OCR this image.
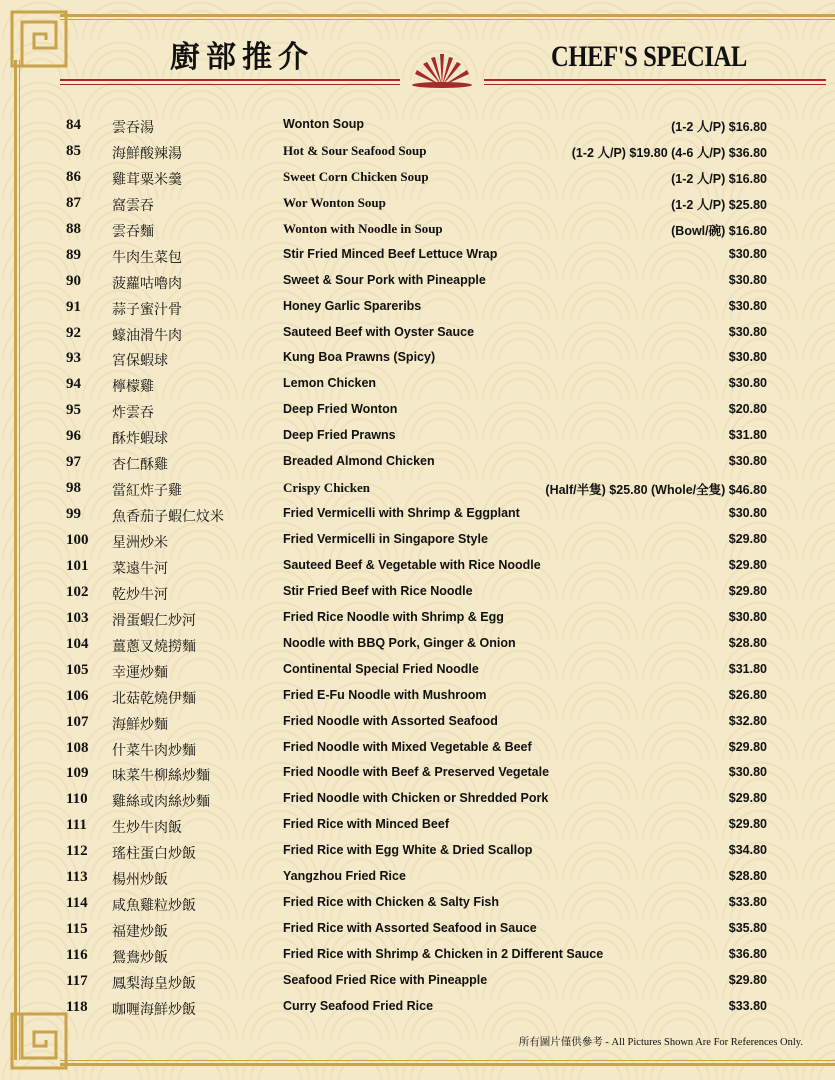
廚部推介	CHEF'S SPECIAL
84 雲吞湯	Wonton Soup	(1-2 人/P) $16.80
85 海鮮酸辣湯	Hot & Sour Seafood Soup	(1-2 人/P) $19.80 (4-6 人/P) $36.80
86 雞茸粟米羹	Sweet Corn Chicken Soup	(1-2 人/P) $16.80
87 窩雲吞	Wor Wonton Soup	(1-2 人/P) $25.80
88 雲吞麵	Wonton with Noodle in Soup	(Bowl/碗) $16.80
89 牛肉生菜包	Stir Fried Minced Beef Lettuce Wrap	$30.80
90 菠蘿咕嚕肉	Sweet & Sour Pork with Pineapple	$30.80
91 蒜子蜜汁骨	Honey Garlic Spareribs	$30.80
92 蠔油滑牛肉	Sauteed Beef with Oyster Sauce	$30.80
93 宮保蝦球	Kung Boa Prawns (Spicy)	$30.80
94 檸檬雞	Lemon Chicken	$30.80
95 炸雲吞	Deep Fried Wonton	$20.80
96 酥炸蝦球	Deep Fried Prawns	$31.80
97 杏仁酥雞	Breaded Almond Chicken	$30.80
98 當紅炸子雞	Crispy Chicken	(Half/半隻) $25.80 (Whole/全隻) $46.80
99 魚香茄子蝦仁炆米	Fried Vermicelli with Shrimp & Eggplant	$30.80
100 星洲炒米	Fried Vermicelli in Singapore Style	$29.80
101 菜遠牛河	Sauteed Beef & Vegetable with Rice Noodle	$29.80
102 乾炒牛河	Stir Fried Beef with Rice Noodle	$29.80
103 滑蛋蝦仁炒河	Fried Rice Noodle with Shrimp & Egg	$30.80
104 薑蔥叉燒撈麵	Noodle with BBQ Pork, Ginger & Onion	$28.80
105 幸運炒麵	Continental Special Fried Noodle	$31.80
106 北菇乾燒伊麵	Fried E-Fu Noodle with Mushroom	$26.80
107 海鮮炒麵	Fried Noodle with Assorted Seafood	$32.80
108 什菜牛肉炒麵	Fried Noodle with Mixed Vegetable & Beef	$29.80
109 味菜牛柳絲炒麵	Fried Noodle with Beef & Preserved Vegetale	$30.80
110 雞絲或肉絲炒麵	Fried Noodle with Chicken or Shredded Pork	$29.80
111 生炒牛肉飯	Fried Rice with Minced Beef	$29.80
112 瑤柱蛋白炒飯	Fried Rice with Egg White & Dried Scallop	$34.80
113 楊州炒飯	Yangzhou Fried Rice	$28.80
114 咸魚雞粒炒飯	Fried Rice with Chicken & Salty Fish	$33.80
115 福建炒飯	Fried Rice with Assorted Seafood in Sauce	$35.80
116 鴛鴦炒飯	Fried Rice with Shrimp & Chicken in 2 Different Sauce	$36.80
117 鳳梨海皇炒飯	Seafood Fried Rice with Pineapple	$29.80
118 咖喱海鮮炒飯	Curry Seafood Fried Rice	$33.80
所有圖片僅供參考 - All Pictures Shown Are For References Only.
